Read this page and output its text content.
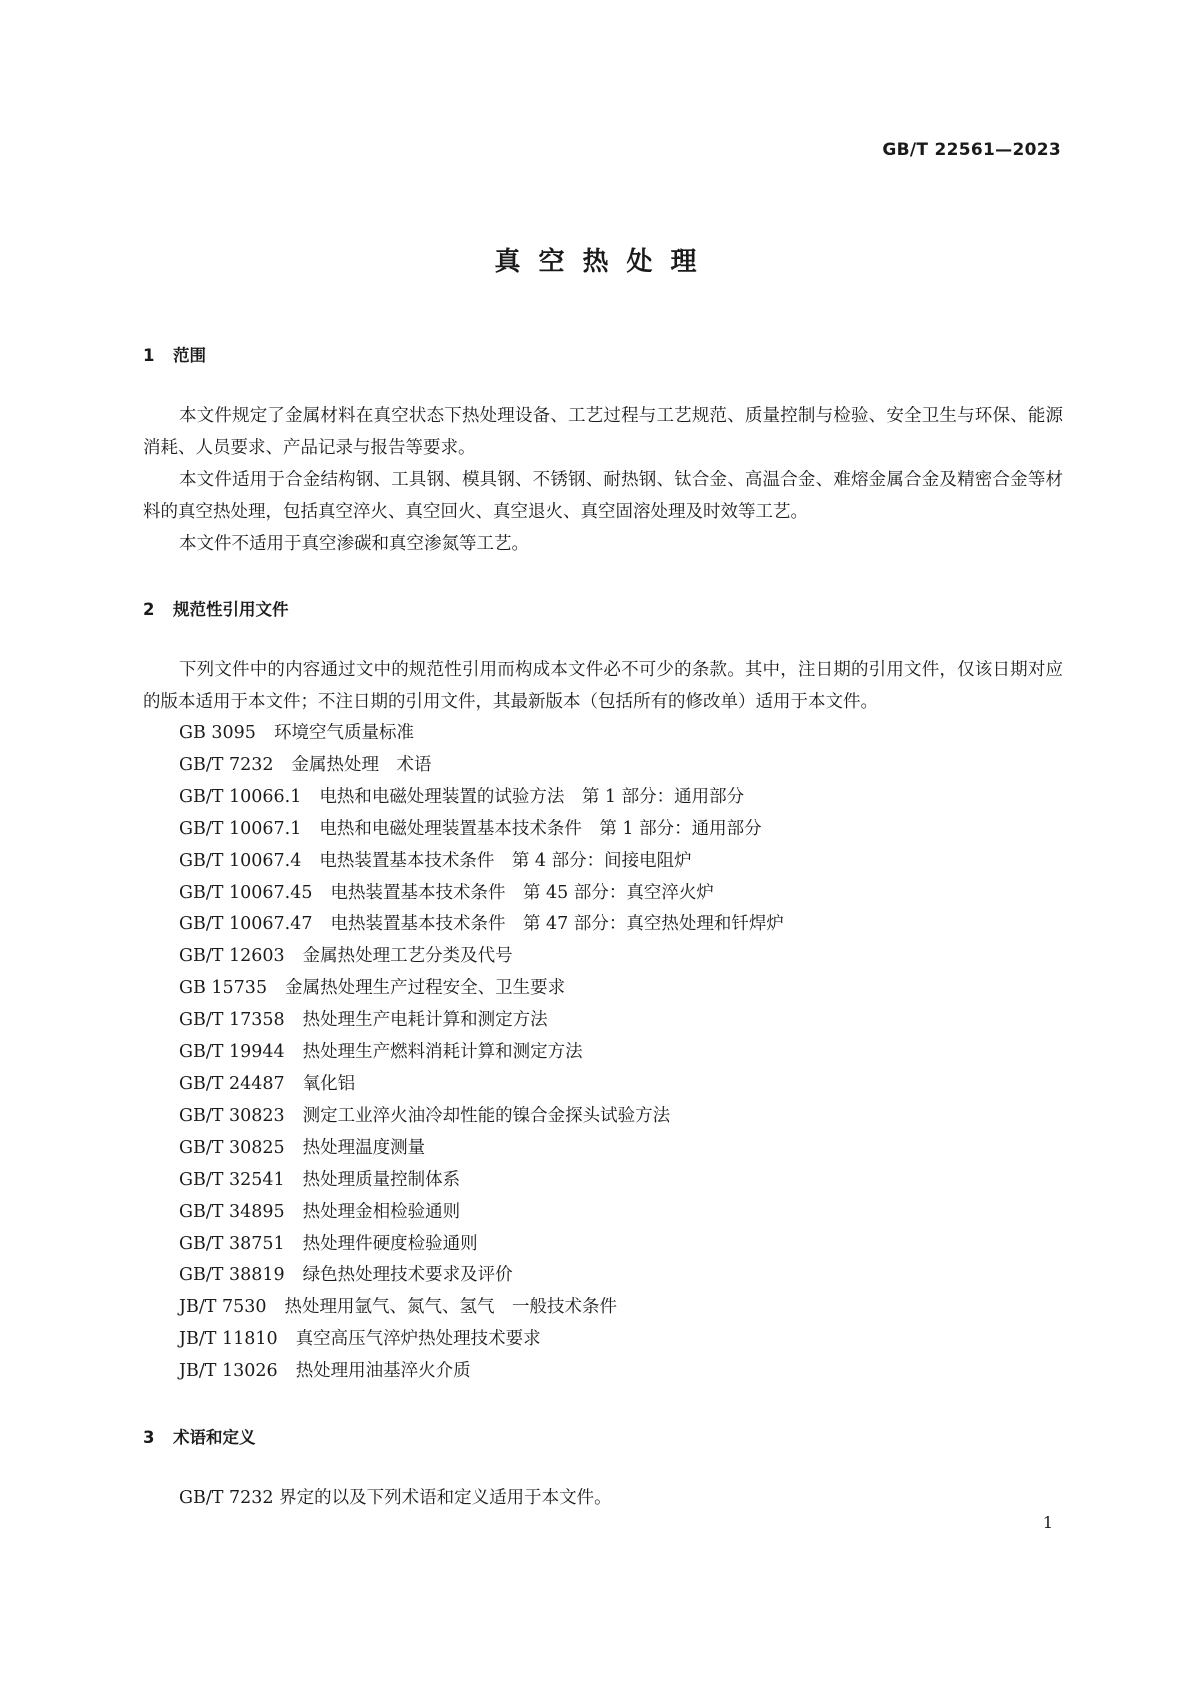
GB/T 22561—2023
真空热处理
1 范围

本文件规定了金属材料在真空状态下热处理设备、工艺过程与工艺规范、质量控制与检验、安全卫生与环保、能源消耗、人员要求、产品记录与报告等要求。

本文件适用于合金结构钢、工具钢、模具钢、不锈钢、耐热钢、钛合金、高温合金、难熔金属合金及精密合金等材料的真空热处理，包括真空淬火、真空回火、真空退火、真空固溶处理及时效等工艺。

本文件不适用于真空渗碳和真空渗氮等工艺。

2 规范性引用文件

下列文件中的内容通过文中的规范性引用而构成本文件必不可少的条款。其中，注日期的引用文件，仅该日期对应的版本适用于本文件；不注日期的引用文件，其最新版本（包括所有的修改单）适用于本文件。

GB 3095 环境空气质量标准
GB/T 7232 金属热处理　术语
GB/T 10066.1 电热和电磁处理装置的试验方法　第 1 部分：通用部分
GB/T 10067.1 电热和电磁处理装置基本技术条件　第 1 部分：通用部分
GB/T 10067.4 电热装置基本技术条件　第 4 部分：间接电阻炉
GB/T 10067.45 电热装置基本技术条件　第 45 部分：真空淬火炉
GB/T 10067.47 电热装置基本技术条件　第 47 部分：真空热处理和钎焊炉
GB/T 12603 金属热处理工艺分类及代号
GB 15735 金属热处理生产过程安全、卫生要求
GB/T 17358 热处理生产电耗计算和测定方法
GB/T 19944 热处理生产燃料消耗计算和测定方法
GB/T 24487 氧化铝
GB/T 30823 测定工业淬火油冷却性能的镍合金探头试验方法
GB/T 30825 热处理温度测量
GB/T 32541 热处理质量控制体系
GB/T 34895 热处理金相检验通则
GB/T 38751 热处理件硬度检验通则
GB/T 38819 绿色热处理技术要求及评价
JB/T 7530 热处理用氩气、氮气、氢气　一般技术条件
JB/T 11810 真空高压气淬炉热处理技术要求
JB/T 13026 热处理用油基淬火介质
3 术语和定义

GB/T 7232 界定的以及下列术语和定义适用于本文件。

1
